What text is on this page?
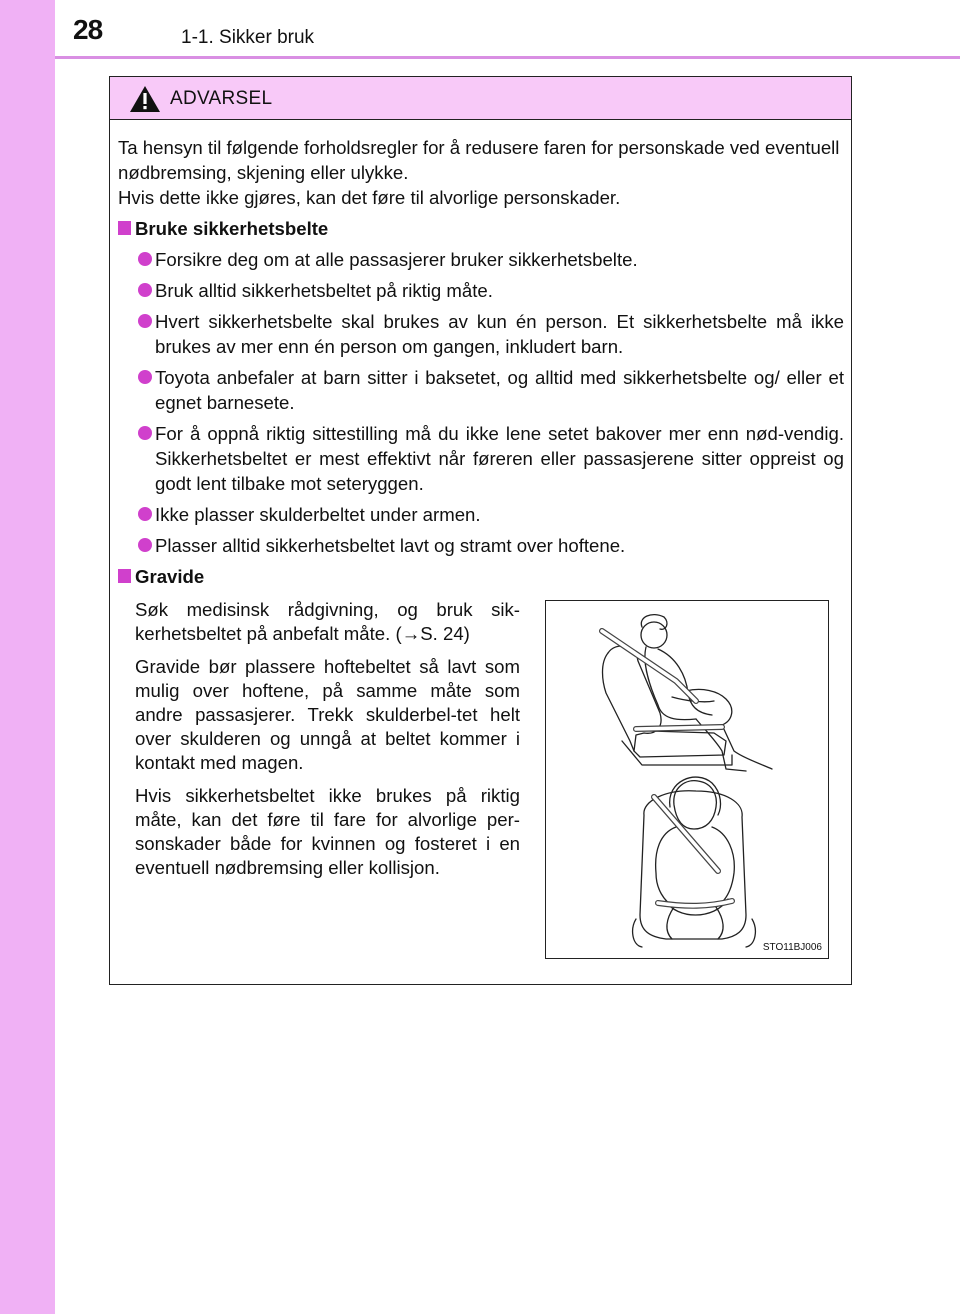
28	1-1. Sikker bruk
ADVARSEL

Ta hensyn til følgende forholdsregler for å redusere faren for personskade ved eventuell nødbremsing, skjening eller ulykke.

Hvis dette ikke gjøres, kan det føre til alvorlige personskader.

Bruke sikkerhetsbelte
Forsikre deg om at alle passasjerer bruker sikkerhetsbelte.
Bruk alltid sikkerhetsbeltet på riktig måte.
Hvert sikkerhetsbelte skal brukes av kun én person. Et sikkerhetsbelte må ikke brukes av mer enn én person om gangen, inkludert barn.
Toyota anbefaler at barn sitter i baksetet, og alltid med sikkerhetsbelte og/ eller et egnet barnesete.
For å oppnå riktig sittestilling må du ikke lene setet bakover mer enn nød-vendig. Sikkerhetsbeltet er mest effektivt når føreren eller passasjerene sitter oppreist og godt lent tilbake mot seteryggen.
Ikke plasser skulderbeltet under armen.
Plasser alltid sikkerhetsbeltet lavt og stramt over hoftene.
Gravide

Søk medisinsk rådgivning, og bruk sik-kerhetsbeltet på anbefalt måte. (→S. 24)

Gravide bør plassere hoftebeltet så lavt som mulig over hoftene, på samme måte som andre passasjerer. Trekk skulderbel-tet helt over skulderen og unngå at beltet kommer i kontakt med magen.

Hvis sikkerhetsbeltet ikke brukes på riktig måte, kan det føre til fare for alvorlige per-sonskader både for kvinnen og fosteret i en eventuell nødbremsing eller kollisjon.

STO11BJ006
